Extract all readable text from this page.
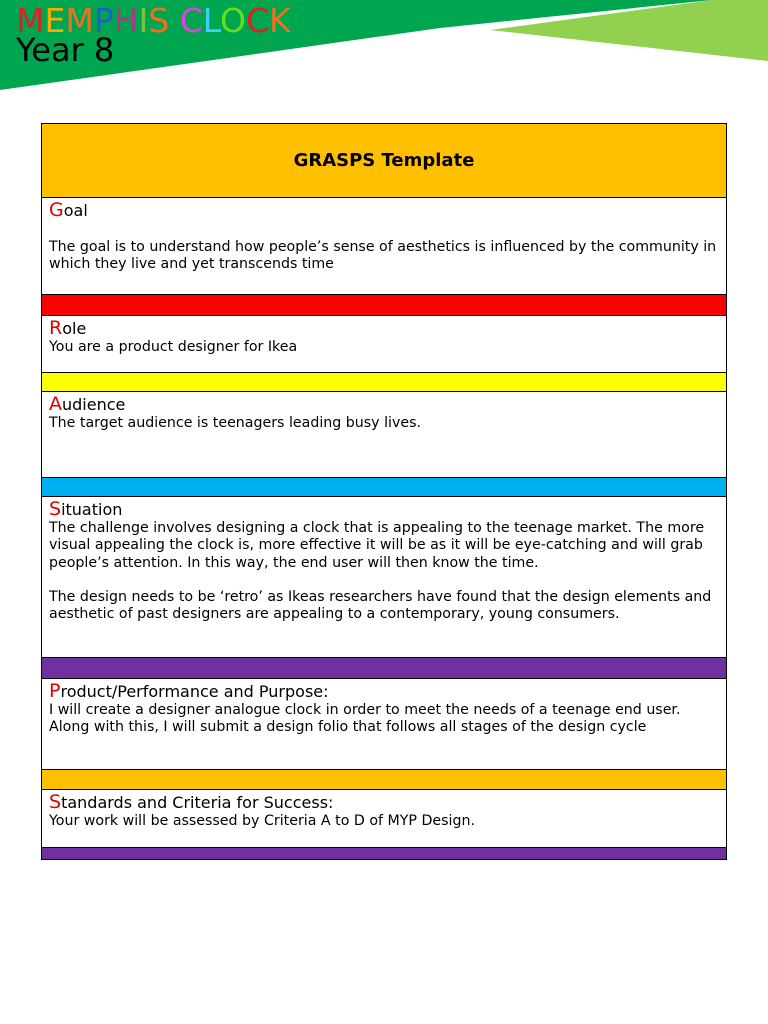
MEMPHIS CLOCK
Year 8
GRASPS Template
Goal

The goal is to understand how people’s sense of aesthetics is influenced by the community in which they live and yet transcends time

Role

You are a product designer for Ikea

Audience

The target audience is teenagers leading busy lives.

Situation

The challenge involves designing a clock that is appealing to the teenage market. The more visual appealing the clock is, more effective it will be as it will be eye-catching and will grab people’s attention. In this way, the end user will then know the time.

The design needs to be ‘retro’ as Ikeas researchers have found that the design elements and aesthetic of past designers are appealing to a contemporary, young consumers.

Product/Performance and Purpose:

I will create a designer analogue clock in order to meet the needs of a teenage end user. Along with this, I will submit a design folio that follows all stages of the design cycle

Standards and Criteria for Success:

Your work will be assessed by Criteria A to D of MYP Design.
